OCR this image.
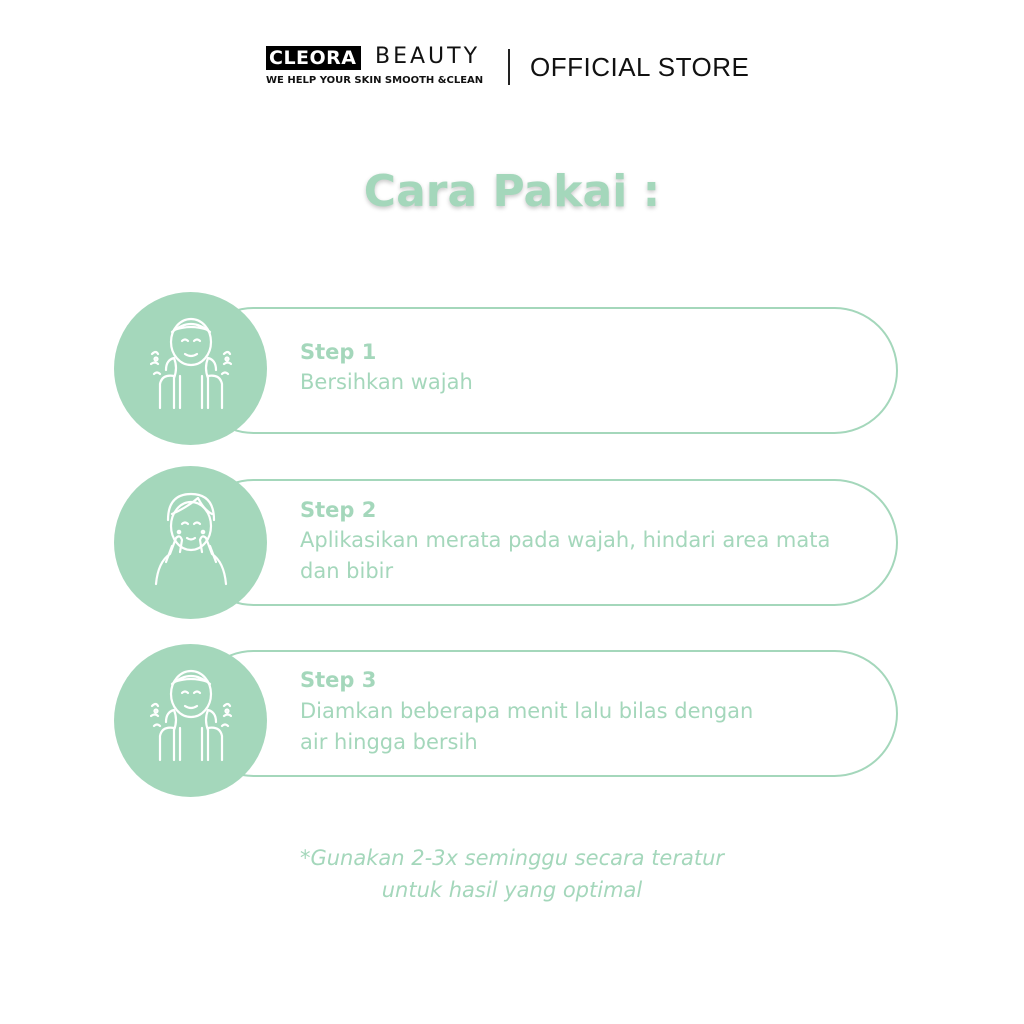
CLEORA BEAUTY
WE HELP YOUR SKIN SMOOTH &CLEAN OFFICIAL STORE
Cara Pakai :
Step 1
Bersihkan wajah
Step 2
Aplikasikan merata pada wajah, hindari area mata dan bibir
Step 3
Diamkan beberapa menit lalu bilas dengan air hingga bersih
*Gunakan 2-3x seminggu secara teratur
untuk hasil yang optimal
